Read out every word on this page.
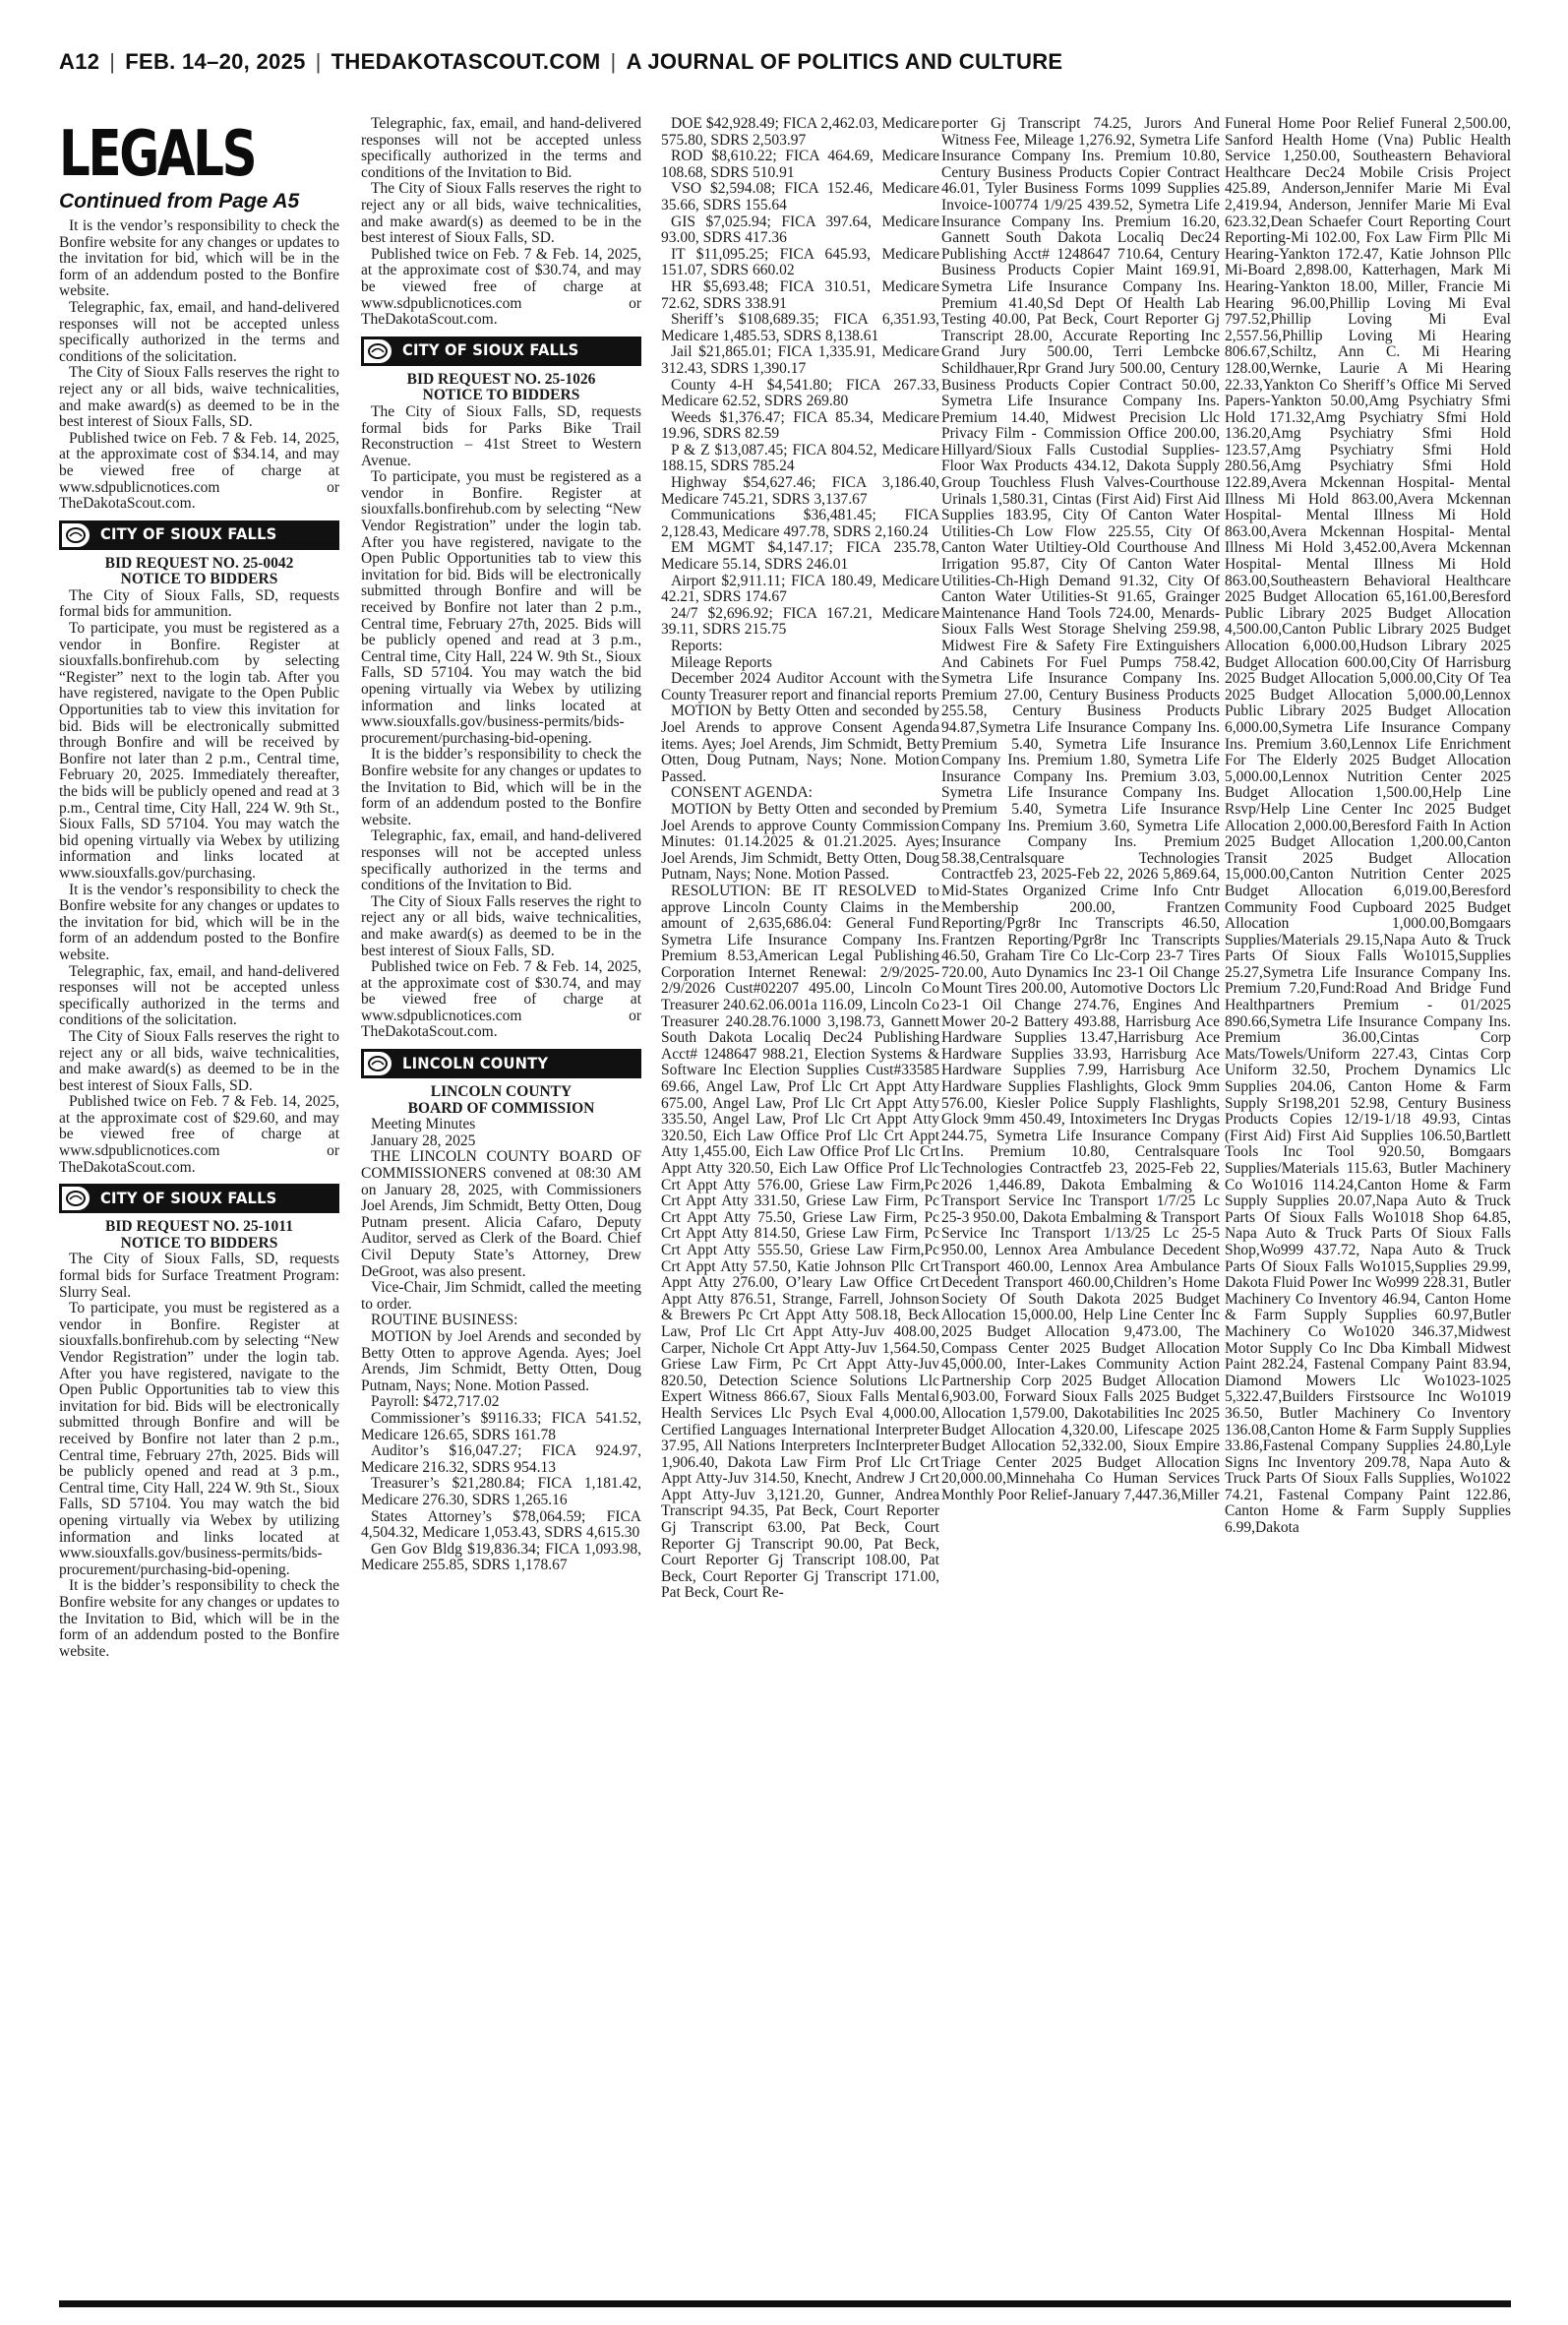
A12 | FEB. 14–20, 2025 | THEDAKOTASCOUT.COM | A JOURNAL OF POLITICS AND CULTURE
LEGALS
Continued from Page A5

It is the vendor’s responsibility to check the Bonfire website for any changes or updates to the invitation for bid, which will be in the form of an addendum posted to the Bonfire website.

Telegraphic, fax, email, and hand-delivered responses will not be accepted unless specifically authorized in the terms and conditions of the solicitation.

The City of Sioux Falls reserves the right to reject any or all bids, waive technicalities, and make award(s) as deemed to be in the best interest of Sioux Falls, SD.

Published twice on Feb. 7 & Feb. 14, 2025, at the approximate cost of $34.14, and may be viewed free of charge at www.sdpublicnotices.com or TheDakotaScout.com.

CITY OF SIOUX FALLS

BID REQUEST NO. 25-0042

NOTICE TO BIDDERS

The City of Sioux Falls, SD, requests formal bids for ammunition.

To participate, you must be registered as a vendor in Bonfire. Register at siouxfalls.bonfirehub.com by selecting “Register” next to the login tab. After you have registered, navigate to the Open Public Opportunities tab to view this invitation for bid. Bids will be electronically submitted through Bonfire and will be received by Bonfire not later than 2 p.m., Central time, February 20, 2025. Immediately thereafter, the bids will be publicly opened and read at 3 p.m., Central time, City Hall, 224 W. 9th St., Sioux Falls, SD 57104. You may watch the bid opening virtually via Webex by utilizing information and links located at www.siouxfalls.gov/purchasing.

It is the vendor’s responsibility to check the Bonfire website for any changes or updates to the invitation for bid, which will be in the form of an addendum posted to the Bonfire website.

Telegraphic, fax, email, and hand-delivered responses will not be accepted unless specifically authorized in the terms and conditions of the solicitation.

The City of Sioux Falls reserves the right to reject any or all bids, waive technicalities, and make award(s) as deemed to be in the best interest of Sioux Falls, SD.

Published twice on Feb. 7 & Feb. 14, 2025, at the approximate cost of $29.60, and may be viewed free of charge at www.sdpublicnotices.com or TheDakotaScout.com.

CITY OF SIOUX FALLS

BID REQUEST NO. 25-1011

NOTICE TO BIDDERS

The City of Sioux Falls, SD, requests formal bids for Surface Treatment Program: Slurry Seal.

To participate, you must be registered as a vendor in Bonfire. Register at siouxfalls.bonfirehub.com by selecting “New Vendor Registration” under the login tab. After you have registered, navigate to the Open Public Opportunities tab to view this invitation for bid. Bids will be electronically submitted through Bonfire and will be received by Bonfire not later than 2 p.m., Central time, February 27th, 2025. Bids will be publicly opened and read at 3 p.m., Central time, City Hall, 224 W. 9th St., Sioux Falls, SD 57104. You may watch the bid opening virtually via Webex by utilizing information and links located at www.siouxfalls.gov/business-permits/bids-procurement/purchasing-bid-opening.

It is the bidder’s responsibility to check the Bonfire website for any changes or updates to the Invitation to Bid, which will be in the form of an addendum posted to the Bonfire website.

Telegraphic, fax, email, and hand-delivered responses will not be accepted unless specifically authorized in the terms and conditions of the Invitation to Bid.

The City of Sioux Falls reserves the right to reject any or all bids, waive technicalities, and make award(s) as deemed to be in the best interest of Sioux Falls, SD.

Published twice on Feb. 7 & Feb. 14, 2025, at the approximate cost of $30.74, and may be viewed free of charge at www.sdpublicnotices.com or TheDakotaScout.com.

CITY OF SIOUX FALLS

BID REQUEST NO. 25-1026

NOTICE TO BIDDERS

The City of Sioux Falls, SD, requests formal bids for Parks Bike Trail Reconstruction – 41st Street to Western Avenue.

To participate, you must be registered as a vendor in Bonfire. Register at siouxfalls.bonfirehub.com by selecting “New Vendor Registration” under the login tab. After you have registered, navigate to the Open Public Opportunities tab to view this invitation for bid. Bids will be electronically submitted through Bonfire and will be received by Bonfire not later than 2 p.m., Central time, February 27th, 2025. Bids will be publicly opened and read at 3 p.m., Central time, City Hall, 224 W. 9th St., Sioux Falls, SD 57104. You may watch the bid opening virtually via Webex by utilizing information and links located at www.siouxfalls.gov/business-permits/bids-procurement/purchasing-bid-opening.

It is the bidder’s responsibility to check the Bonfire website for any changes or updates to the Invitation to Bid, which will be in the form of an addendum posted to the Bonfire website.

Telegraphic, fax, email, and hand-delivered responses will not be accepted unless specifically authorized in the terms and conditions of the Invitation to Bid.

The City of Sioux Falls reserves the right to reject any or all bids, waive technicalities, and make award(s) as deemed to be in the best interest of Sioux Falls, SD.

Published twice on Feb. 7 & Feb. 14, 2025, at the approximate cost of $30.74, and may be viewed free of charge at www.sdpublicnotices.com or TheDakotaScout.com.

LINCOLN COUNTY

LINCOLN COUNTY

BOARD OF COMMISSION

Meeting Minutes

January 28, 2025

THE LINCOLN COUNTY BOARD OF COMMISSIONERS convened at 08:30 AM on January 28, 2025, with Commissioners Joel Arends, Jim Schmidt, Betty Otten, Doug Putnam present. Alicia Cafaro, Deputy Auditor, served as Clerk of the Board. Chief Civil Deputy State’s Attorney, Drew DeGroot, was also present.

Vice-Chair, Jim Schmidt, called the meeting to order.

ROUTINE BUSINESS:

MOTION by Joel Arends and seconded by Betty Otten to approve Agenda. Ayes; Joel Arends, Jim Schmidt, Betty Otten, Doug Putnam, Nays; None. Motion Passed.

Payroll: $472,717.02

Commissioner’s $9116.33; FICA 541.52, Medicare 126.65, SDRS 161.78

Auditor’s $16,047.27; FICA 924.97, Medicare 216.32, SDRS 954.13

Treasurer’s $21,280.84; FICA 1,181.42, Medicare 276.30, SDRS 1,265.16

States Attorney’s $78,064.59; FICA 4,504.32, Medicare 1,053.43, SDRS 4,615.30

Gen Gov Bldg $19,836.34; FICA 1,093.98, Medicare 255.85, SDRS 1,178.67

DOE $42,928.49; FICA 2,462.03, Medicare 575.80, SDRS 2,503.97

ROD $8,610.22; FICA 464.69, Medicare 108.68, SDRS 510.91

VSO $2,594.08; FICA 152.46, Medicare 35.66, SDRS 155.64

GIS $7,025.94; FICA 397.64, Medicare 93.00, SDRS 417.36

IT $11,095.25; FICA 645.93, Medicare 151.07, SDRS 660.02

HR $5,693.48; FICA 310.51, Medicare 72.62, SDRS 338.91

Sheriff’s $108,689.35; FICA 6,351.93, Medicare 1,485.53, SDRS 8,138.61

Jail $21,865.01; FICA 1,335.91, Medicare 312.43, SDRS 1,390.17

County 4-H $4,541.80; FICA 267.33, Medicare 62.52, SDRS 269.80

Weeds $1,376.47; FICA 85.34, Medicare 19.96, SDRS 82.59

P & Z $13,087.45; FICA 804.52, Medicare 188.15, SDRS 785.24

Highway $54,627.46; FICA 3,186.40, Medicare 745.21, SDRS 3,137.67

Communications $36,481.45; FICA 2,128.43, Medicare 497.78, SDRS 2,160.24

EM MGMT $4,147.17; FICA 235.78, Medicare 55.14, SDRS 246.01

Airport $2,911.11; FICA 180.49, Medicare 42.21, SDRS 174.67

24/7 $2,696.92; FICA 167.21, Medicare 39.11, SDRS 215.75

Reports:

Mileage Reports

December 2024 Auditor Account with the County Treasurer report and financial reports

MOTION by Betty Otten and seconded by Joel Arends to approve Consent Agenda items. Ayes; Joel Arends, Jim Schmidt, Betty Otten, Doug Putnam, Nays; None. Motion Passed.

CONSENT AGENDA:

MOTION by Betty Otten and seconded by Joel Arends to approve County Commission Minutes: 01.14.2025 & 01.21.2025. Ayes; Joel Arends, Jim Schmidt, Betty Otten, Doug Putnam, Nays; None. Motion Passed.

RESOLUTION: BE IT RESOLVED to approve Lincoln County Claims in the amount of 2,635,686.04: General Fund Symetra Life Insurance Company Ins. Premium 8.53,American Legal Publishing Corporation Internet Renewal: 2/9/2025-2/9/2026 Cust#02207 495.00, Lincoln Co Treasurer 240.62.06.001a 116.09, Lincoln Co Treasurer 240.28.76.1000 3,198.73, Gannett South Dakota Localiq Dec24 Publishing Acct# 1248647 988.21, Election Systems & Software Inc Election Supplies Cust#33585 69.66, Angel Law, Prof Llc Crt Appt Atty 675.00, Angel Law, Prof Llc Crt Appt Atty 335.50, Angel Law, Prof Llc Crt Appt Atty 320.50, Eich Law Office Prof Llc Crt Appt Atty 1,455.00, Eich Law Office Prof Llc Crt Appt Atty 320.50, Eich Law Office Prof Llc Crt Appt Atty 576.00, Griese Law Firm,Pc Crt Appt Atty 331.50, Griese Law Firm, Pc Crt Appt Atty 75.50, Griese Law Firm, Pc Crt Appt Atty 814.50, Griese Law Firm, Pc Crt Appt Atty 555.50, Griese Law Firm,Pc Crt Appt Atty 57.50, Katie Johnson Pllc Crt Appt Atty 276.00, O’leary Law Office Crt Appt Atty 876.51, Strange, Farrell, Johnson & Brewers Pc Crt Appt Atty 508.18, Beck Law, Prof Llc Crt Appt Atty-Juv 408.00, Carper, Nichole Crt Appt Atty-Juv 1,564.50, Griese Law Firm, Pc Crt Appt Atty-Juv 820.50, Detection Science Solutions Llc Expert Witness 866.67, Sioux Falls Mental Health Services Llc Psych Eval 4,000.00, Certified Languages International Interpreter 37.95, All Nations Interpreters IncInterpreter 1,906.40, Dakota Law Firm Prof Llc Crt Appt Atty-Juv 314.50, Knecht, Andrew J Crt Appt Atty-Juv 3,121.20, Gunner, Andrea Transcript 94.35, Pat Beck, Court Reporter Gj Transcript 63.00, Pat Beck, Court Reporter Gj Transcript 90.00, Pat Beck, Court Reporter Gj Transcript 108.00, Pat Beck, Court Reporter Gj Transcript 171.00, Pat Beck, Court Re-

porter Gj Transcript 74.25, Jurors And Witness Fee, Mileage 1,276.92, Symetra Life Insurance Company Ins. Premium 10.80, Century Business Products Copier Contract 46.01, Tyler Business Forms 1099 Supplies Invoice-100774 1/9/25 439.52, Symetra Life Insurance Company Ins. Premium 16.20, Gannett South Dakota Localiq Dec24 Publishing Acct# 1248647 710.64, Century Business Products Copier Maint 169.91, Symetra Life Insurance Company Ins. Premium 41.40,Sd Dept Of Health Lab Testing 40.00, Pat Beck, Court Reporter Gj Transcript 28.00, Accurate Reporting Inc Grand Jury 500.00, Terri Lembcke Schildhauer,Rpr Grand Jury 500.00, Century Business Products Copier Contract 50.00, Symetra Life Insurance Company Ins. Premium 14.40, Midwest Precision Llc Privacy Film - Commission Office 200.00, Hillyard/Sioux Falls Custodial Supplies-Floor Wax Products 434.12, Dakota Supply Group Touchless Flush Valves-Courthouse Urinals 1,580.31, Cintas (First Aid) First Aid Supplies 183.95, City Of Canton Water Utilities-Ch Low Flow 225.55, City Of Canton Water Utiltiey-Old Courthouse And Irrigation 95.87, City Of Canton Water Utilities-Ch-High Demand 91.32, City Of Canton Water Utilities-St 91.65, Grainger Maintenance Hand Tools 724.00, Menards-Sioux Falls West Storage Shelving 259.98, Midwest Fire & Safety Fire Extinguishers And Cabinets For Fuel Pumps 758.42, Symetra Life Insurance Company Ins. Premium 27.00, Century Business Products 255.58, Century Business Products 94.87,Symetra Life Insurance Company Ins. Premium 5.40, Symetra Life Insurance Company Ins. Premium 1.80, Symetra Life Insurance Company Ins. Premium 3.03, Symetra Life Insurance Company Ins. Premium 5.40, Symetra Life Insurance Company Ins. Premium 3.60, Symetra Life Insurance Company Ins. Premium 58.38,Centralsquare Technologies Contractfeb 23, 2025-Feb 22, 2026 5,869.64, Mid-States Organized Crime Info Cntr Membership 200.00, Frantzen Reporting/Pgr8r Inc Transcripts 46.50, Frantzen Reporting/Pgr8r Inc Transcripts 46.50, Graham Tire Co Llc-Corp 23-7 Tires 720.00, Auto Dynamics Inc 23-1 Oil Change Mount Tires 200.00, Automotive Doctors Llc 23-1 Oil Change 274.76, Engines And Mower 20-2 Battery 493.88, Harrisburg Ace Hardware Supplies 13.47,Harrisburg Ace Hardware Supplies 33.93, Harrisburg Ace Hardware Supplies 7.99, Harrisburg Ace Hardware Supplies Flashlights, Glock 9mm 576.00, Kiesler Police Supply Flashlights, Glock 9mm 450.49, Intoximeters Inc Drygas 244.75, Symetra Life Insurance Company Ins. Premium 10.80, Centralsquare Technologies Contractfeb 23, 2025-Feb 22, 2026 1,446.89, Dakota Embalming & Transport Service Inc Transport 1/7/25 Lc 25-3 950.00, Dakota Embalming & Transport Service Inc Transport 1/13/25 Lc 25-5 950.00, Lennox Area Ambulance Decedent Transport 460.00, Lennox Area Ambulance Decedent Transport 460.00,Children’s Home Society Of South Dakota 2025 Budget Allocation 15,000.00, Help Line Center Inc 2025 Budget Allocation 9,473.00, The Compass Center 2025 Budget Allocation 45,000.00, Inter-Lakes Community Action Partnership Corp 2025 Budget Allocation 6,903.00, Forward Sioux Falls 2025 Budget Allocation 1,579.00, Dakotabilities Inc 2025 Budget Allocation 4,320.00, Lifescape 2025 Budget Allocation 52,332.00, Sioux Empire Triage Center 2025 Budget Allocation 20,000.00,Minnehaha Co Human Services Monthly Poor Relief-January 7,447.36,Miller

Funeral Home Poor Relief Funeral 2,500.00, Sanford Health Home (Vna) Public Health Service 1,250.00, Southeastern Behavioral Healthcare Dec24 Mobile Crisis Project 425.89, Anderson,Jennifer Marie Mi Eval 2,419.94, Anderson, Jennifer Marie Mi Eval 623.32,Dean Schaefer Court Reporting Court Reporting-Mi 102.00, Fox Law Firm Pllc Mi Hearing-Yankton 172.47, Katie Johnson Pllc Mi-Board 2,898.00, Katterhagen, Mark Mi Hearing-Yankton 18.00, Miller, Francie Mi Hearing 96.00,Phillip Loving Mi Eval 797.52,Phillip Loving Mi Eval 2,557.56,Phillip Loving Mi Hearing 806.67,Schiltz, Ann C. Mi Hearing 128.00,Wernke, Laurie A Mi Hearing 22.33,Yankton Co Sheriff’s Office Mi Served Papers-Yankton 50.00,Amg Psychiatry Sfmi Hold 171.32,Amg Psychiatry Sfmi Hold 136.20,Amg Psychiatry Sfmi Hold 123.57,Amg Psychiatry Sfmi Hold 280.56,Amg Psychiatry Sfmi Hold 122.89,Avera Mckennan Hospital- Mental Illness Mi Hold 863.00,Avera Mckennan Hospital- Mental Illness Mi Hold 863.00,Avera Mckennan Hospital- Mental Illness Mi Hold 3,452.00,Avera Mckennan Hospital- Mental Illness Mi Hold 863.00,Southeastern Behavioral Healthcare 2025 Budget Allocation 65,161.00,Beresford Public Library 2025 Budget Allocation 4,500.00,Canton Public Library 2025 Budget Allocation 6,000.00,Hudson Library 2025 Budget Allocation 600.00,City Of Harrisburg 2025 Budget Allocation 5,000.00,City Of Tea 2025 Budget Allocation 5,000.00,Lennox Public Library 2025 Budget Allocation 6,000.00,Symetra Life Insurance Company Ins. Premium 3.60,Lennox Life Enrichment For The Elderly 2025 Budget Allocation 5,000.00,Lennox Nutrition Center 2025 Budget Allocation 1,500.00,Help Line Rsvp/Help Line Center Inc 2025 Budget Allocation 2,000.00,Beresford Faith In Action 2025 Budget Allocation 1,200.00,Canton Transit 2025 Budget Allocation 15,000.00,Canton Nutrition Center 2025 Budget Allocation 6,019.00,Beresford Community Food Cupboard 2025 Budget Allocation 1,000.00,Bomgaars Supplies/Materials 29.15,Napa Auto & Truck Parts Of Sioux Falls Wo1015,Supplies 25.27,Symetra Life Insurance Company Ins. Premium 7.20,Fund:Road And Bridge Fund Healthpartners Premium - 01/2025 890.66,Symetra Life Insurance Company Ins. Premium 36.00,Cintas Corp Mats/Towels/Uniform 227.43, Cintas Corp Uniform 32.50, Prochem Dynamics Llc Supplies 204.06, Canton Home & Farm Supply Sr198,201 52.98, Century Business Products Copies 12/19-1/18 49.93, Cintas (First Aid) First Aid Supplies 106.50,Bartlett Tools Inc Tool 920.50, Bomgaars Supplies/Materials 115.63, Butler Machinery Co Wo1016 114.24,Canton Home & Farm Supply Supplies 20.07,Napa Auto & Truck Parts Of Sioux Falls Wo1018 Shop 64.85, Napa Auto & Truck Parts Of Sioux Falls Shop,Wo999 437.72, Napa Auto & Truck Parts Of Sioux Falls Wo1015,Supplies 29.99, Dakota Fluid Power Inc Wo999 228.31, Butler Machinery Co Inventory 46.94, Canton Home & Farm Supply Supplies 60.97,Butler Machinery Co Wo1020 346.37,Midwest Motor Supply Co Inc Dba Kimball Midwest Paint 282.24, Fastenal Company Paint 83.94, Diamond Mowers Llc Wo1023-1025 5,322.47,Builders Firstsource Inc Wo1019 36.50, Butler Machinery Co Inventory 136.08,Canton Home & Farm Supply Supplies 33.86,Fastenal Company Supplies 24.80,Lyle Signs Inc Inventory 209.78, Napa Auto & Truck Parts Of Sioux Falls Supplies, Wo1022 74.21, Fastenal Company Paint 122.86, Canton Home & Farm Supply Supplies 6.99,Dakota
